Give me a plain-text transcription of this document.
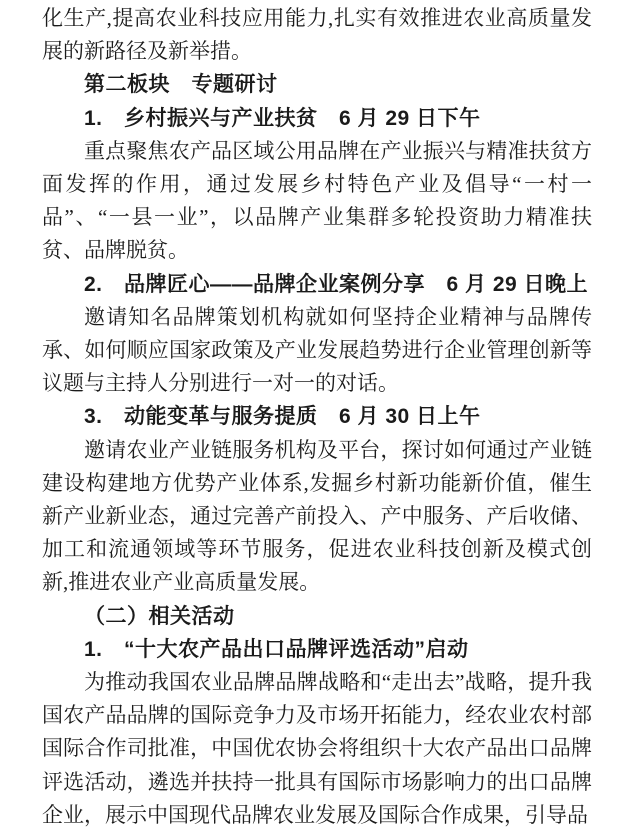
化生产,提高农业科技应用能力,扎实有效推进农业高质量发展的新路径及新举措。

第二板块　专题研讨

1.　乡村振兴与产业扶贫　6 月 29 日下午

重点聚焦农产品区域公用品牌在产业振兴与精准扶贫方面发挥的作用，通过发展乡村特色产业及倡导“一村一品”、“一县一业”，以品牌产业集群多轮投资助力精准扶贫、品牌脱贫。

2.　品牌匠心——品牌企业案例分享　6 月 29 日晚上

邀请知名品牌策划机构就如何坚持企业精神与品牌传承、如何顺应国家政策及产业发展趋势进行企业管理创新等议题与主持人分别进行一对一的对话。

3.　动能变革与服务提质　6 月 30 日上午

邀请农业产业链服务机构及平台，探讨如何通过产业链建设构建地方优势产业体系,发掘乡村新功能新价值，催生新产业新业态，通过完善产前投入、产中服务、产后收储、加工和流通领域等环节服务，促进农业科技创新及模式创新,推进农业产业高质量发展。

（二）相关活动

1.　“十大农产品出口品牌评选活动”启动

为推动我国农业品牌品牌战略和“走出去”战略，提升我国农产品品牌的国际竞争力及市场开拓能力，经农业农村部国际合作司批准，中国优农协会将组织十大农产品出口品牌评选活动，遴选并扶持一批具有国际市场影响力的出口品牌企业，展示中国现代品牌农业发展及国际合作成果，引导品
